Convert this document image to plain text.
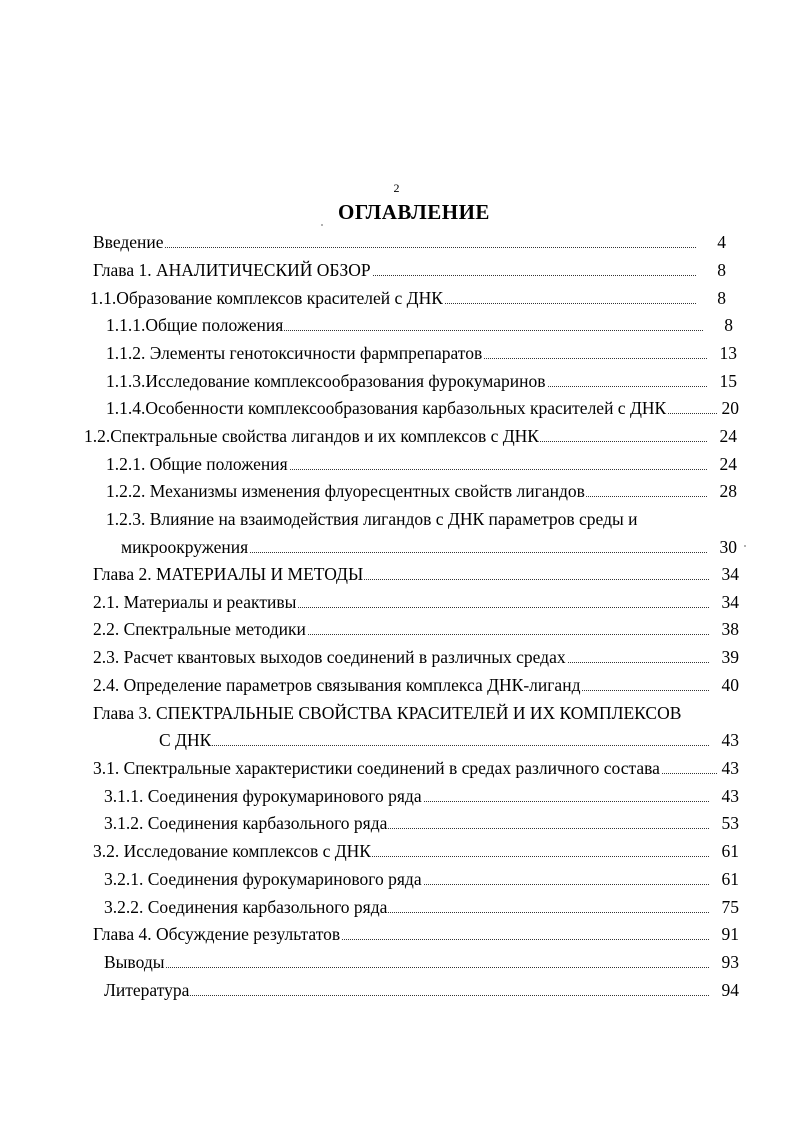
2
ОГЛАВЛЕНИЕ
Введение	4
Глава 1. АНАЛИТИЧЕСКИЙ ОБЗОР	8
1.1.Образование комплексов красителей с ДНК	8
1.1.1.Общие положения	8
1.1.2. Элементы генотоксичности фармпрепаратов	13
1.1.3.Исследование комплексообразования фурокумаринов	15
1.1.4.Особенности комплексообразования карбазольных красителей с ДНК	20
1.2.Спектральные свойства лигандов и их комплексов с ДНК	24
1.2.1. Общие положения	24
1.2.2. Механизмы изменения флуоресцентных свойств лигандов	28
1.2.3. Влияние на взаимодействия лигандов с ДНК параметров среды и
микроокружения	30
Глава 2. МАТЕРИАЛЫ И МЕТОДЫ	34
2.1. Материалы и реактивы	34
2.2. Спектральные методики	38
2.3. Расчет квантовых выходов соединений в различных средах	39
2.4. Определение параметров связывания комплекса ДНК-лиганд	40
Глава 3. СПЕКТРАЛЬНЫЕ СВОЙСТВА КРАСИТЕЛЕЙ И ИХ КОМПЛЕКСОВ
С ДНК	43
3.1. Спектральные характеристики соединений в средах различного состава	43
3.1.1. Соединения фурокумаринового ряда	43
3.1.2. Соединения карбазольного ряда	53
3.2. Исследование комплексов с ДНК	61
3.2.1. Соединения фурокумаринового ряда	61
3.2.2. Соединения карбазольного ряда	75
Глава 4. Обсуждение результатов	91
Выводы	93
Литература	94
